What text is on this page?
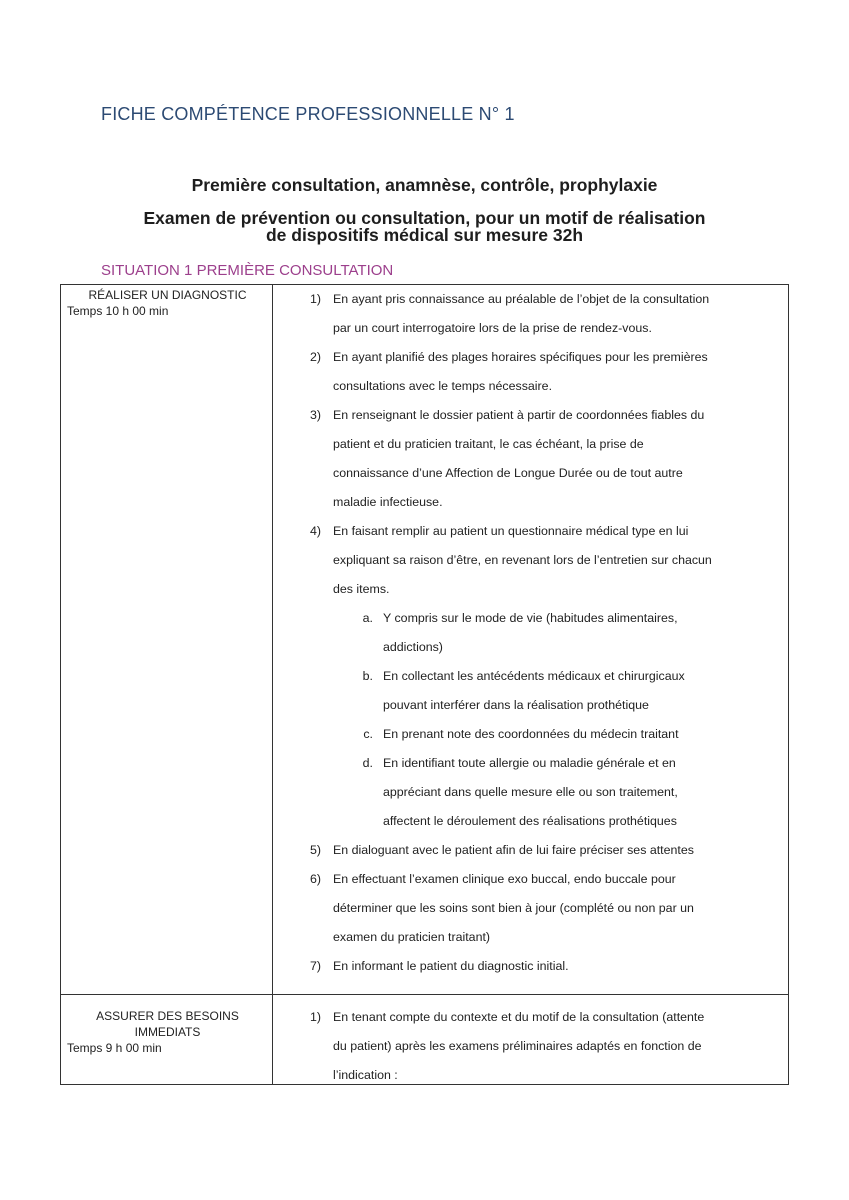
FICHE COMPÉTENCE PROFESSIONNELLE N° 1
Première consultation, anamnèse, contrôle, prophylaxie
Examen de prévention ou consultation, pour un motif de réalisation
de dispositifs médical sur mesure 32h
SITUATION 1 PREMIÈRE CONSULTATION
RÉALISER UN DIAGNOSTIC
Temps 10 h 00 min
1) En ayant pris connaissance au préalable de l’objet de la consultation
par un court interrogatoire lors de la prise de rendez-vous.
2) En ayant planifié des plages horaires spécifiques pour les premières
consultations avec le temps nécessaire.
3) En renseignant le dossier patient à partir de coordonnées fiables du
patient et du praticien traitant, le cas échéant, la prise de
connaissance d’une Affection de Longue Durée ou de tout autre
maladie infectieuse.
4) En faisant remplir au patient un questionnaire médical type en lui
expliquant sa raison d’être, en revenant lors de l’entretien sur chacun
des items.
a. Y compris sur le mode de vie (habitudes alimentaires,
addictions)
b. En collectant les antécédents médicaux et chirurgicaux
pouvant interférer dans la réalisation prothétique
c. En prenant note des coordonnées du médecin traitant
d. En identifiant toute allergie ou maladie générale et en
appréciant dans quelle mesure elle ou son traitement,
affectent le déroulement des réalisations prothétiques
5) En dialoguant avec le patient afin de lui faire préciser ses attentes
6) En effectuant l’examen clinique exo buccal, endo buccale pour
déterminer que les soins sont bien à jour (complété ou non par un
examen du praticien traitant)
7) En informant le patient du diagnostic initial.
ASSURER DES BESOINS IMMEDIATS
Temps 9 h 00 min
1) En tenant compte du contexte et du motif de la consultation (attente
du patient) après les examens préliminaires adaptés en fonction de
l’indication :
